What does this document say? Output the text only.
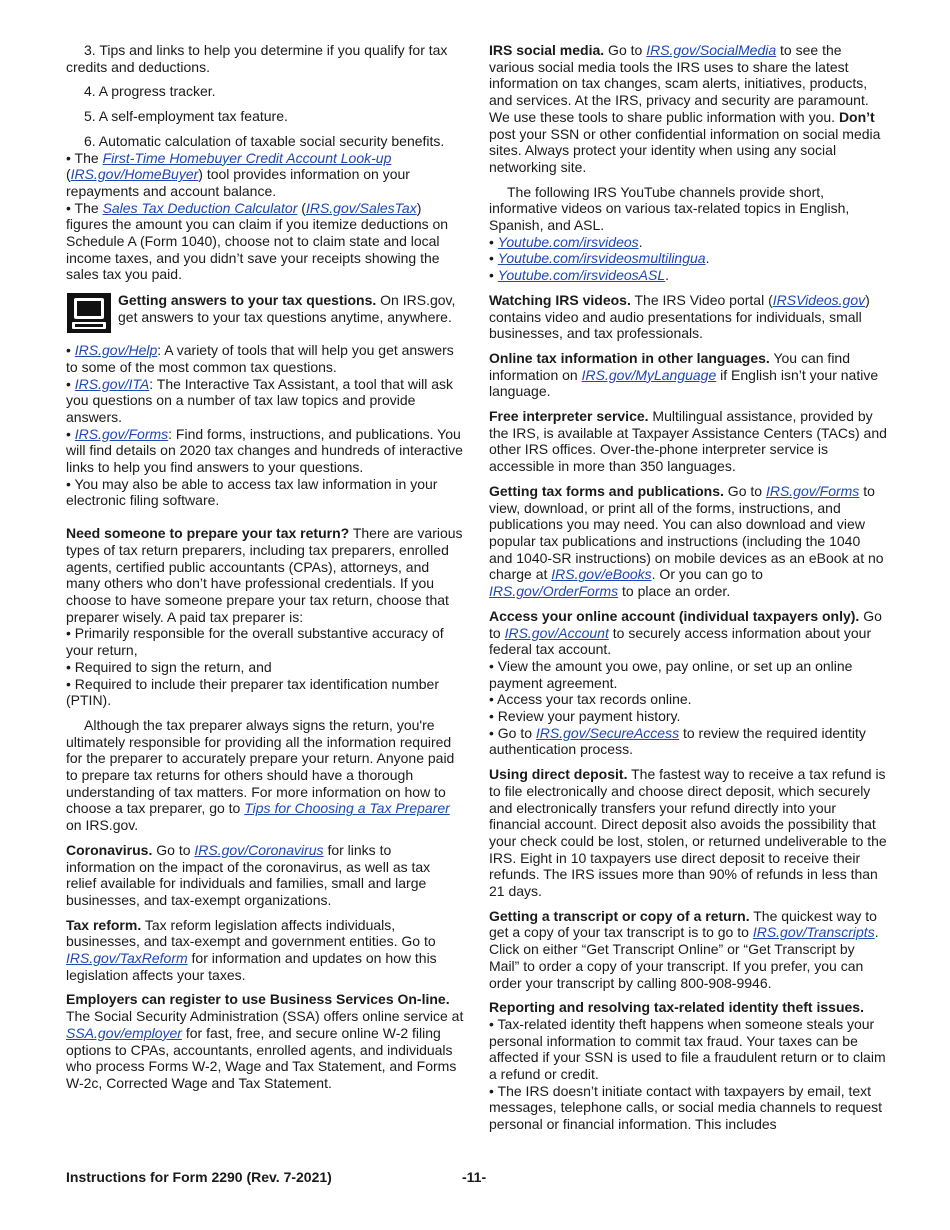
3. Tips and links to help you determine if you qualify for tax credits and deductions.

4. A progress tracker.

5. A self-employment tax feature.

6. Automatic calculation of taxable social security benefits.

• The First-Time Homebuyer Credit Account Look-up (IRS.gov/HomeBuyer) tool provides information on your repayments and account balance.

• The Sales Tax Deduction Calculator (IRS.gov/SalesTax) figures the amount you can claim if you itemize deductions on Schedule A (Form 1040), choose not to claim state and local income taxes, and you didn’t save your receipts showing the sales tax you paid.

Getting answers to your tax questions. On IRS.gov, get answers to your tax questions anytime, anywhere.

• IRS.gov/Help: A variety of tools that will help you get answers to some of the most common tax questions.

• IRS.gov/ITA: The Interactive Tax Assistant, a tool that will ask you questions on a number of tax law topics and provide answers.

• IRS.gov/Forms: Find forms, instructions, and publications. You will find details on 2020 tax changes and hundreds of interactive links to help you find answers to your questions.

• You may also be able to access tax law information in your electronic filing software.

Need someone to prepare your tax return? There are various types of tax return preparers, including tax preparers, enrolled agents, certified public accountants (CPAs), attorneys, and many others who don’t have professional credentials. If you choose to have someone prepare your tax return, choose that preparer wisely. A paid tax preparer is:

• Primarily responsible for the overall substantive accuracy of your return,

• Required to sign the return, and

• Required to include their preparer tax identification number (PTIN).

Although the tax preparer always signs the return, you're ultimately responsible for providing all the information required for the preparer to accurately prepare your return. Anyone paid to prepare tax returns for others should have a thorough understanding of tax matters. For more information on how to choose a tax preparer, go to Tips for Choosing a Tax Preparer on IRS.gov.

Coronavirus. Go to IRS.gov/Coronavirus for links to information on the impact of the coronavirus, as well as tax relief available for individuals and families, small and large businesses, and tax-exempt organizations.

Tax reform. Tax reform legislation affects individuals, businesses, and tax-exempt and government entities. Go to IRS.gov/TaxReform for information and updates on how this legislation affects your taxes.

Employers can register to use Business Services On-line. The Social Security Administration (SSA) offers online service at SSA.gov/employer for fast, free, and secure online W-2 filing options to CPAs, accountants, enrolled agents, and individuals who process Forms W-2, Wage and Tax Statement, and Forms W-2c, Corrected Wage and Tax Statement.

IRS social media. Go to IRS.gov/SocialMedia to see the various social media tools the IRS uses to share the latest information on tax changes, scam alerts, initiatives, products, and services. At the IRS, privacy and security are paramount. We use these tools to share public information with you. Don’t post your SSN or other confidential information on social media sites. Always protect your identity when using any social networking site.

The following IRS YouTube channels provide short, informative videos on various tax-related topics in English, Spanish, and ASL.

• Youtube.com/irsvideos.

• Youtube.com/irsvideosmultilingua.

• Youtube.com/irsvideosASL.

Watching IRS videos. The IRS Video portal (IRSVideos.gov) contains video and audio presentations for individuals, small businesses, and tax professionals.

Online tax information in other languages. You can find information on IRS.gov/MyLanguage if English isn’t your native language.

Free interpreter service. Multilingual assistance, provided by the IRS, is available at Taxpayer Assistance Centers (TACs) and other IRS offices. Over-the-phone interpreter service is accessible in more than 350 languages.

Getting tax forms and publications. Go to IRS.gov/Forms to view, download, or print all of the forms, instructions, and publications you may need. You can also download and view popular tax publications and instructions (including the 1040 and 1040-SR instructions) on mobile devices as an eBook at no charge at IRS.gov/eBooks. Or you can go to IRS.gov/OrderForms to place an order.

Access your online account (individual taxpayers only). Go to IRS.gov/Account to securely access information about your federal tax account.

• View the amount you owe, pay online, or set up an online payment agreement.

• Access your tax records online.

• Review your payment history.

• Go to IRS.gov/SecureAccess to review the required identity authentication process.

Using direct deposit. The fastest way to receive a tax refund is to file electronically and choose direct deposit, which securely and electronically transfers your refund directly into your financial account. Direct deposit also avoids the possibility that your check could be lost, stolen, or returned undeliverable to the IRS. Eight in 10 taxpayers use direct deposit to receive their refunds. The IRS issues more than 90% of refunds in less than 21 days.

Getting a transcript or copy of a return. The quickest way to get a copy of your tax transcript is to go to IRS.gov/Transcripts. Click on either “Get Transcript Online” or “Get Transcript by Mail” to order a copy of your transcript. If you prefer, you can order your transcript by calling 800-908-9946.

Reporting and resolving tax-related identity theft issues.

• Tax-related identity theft happens when someone steals your personal information to commit tax fraud. Your taxes can be affected if your SSN is used to file a fraudulent return or to claim a refund or credit.

• The IRS doesn’t initiate contact with taxpayers by email, text messages, telephone calls, or social media channels to request personal or financial information. This includes

Instructions for Form 2290 (Rev. 7-2021)	-11-
